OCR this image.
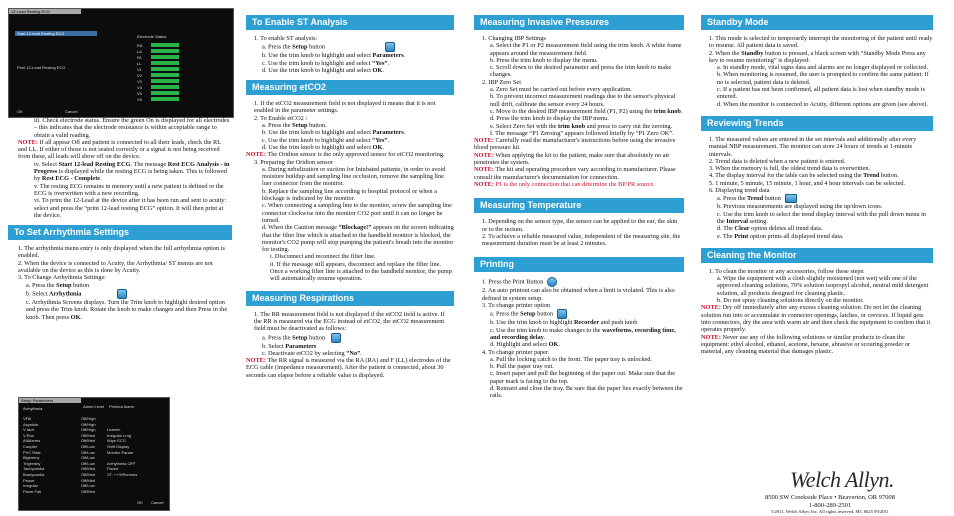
12-Lead Resting ECG
Start 12-lead Resting ECG
Print 12-Lead Resting ECG
Electrode Status
RA
LA
RL
LL
V1
V2
V3
V4
V5
V6
OK	Cancel

iii. Check electrode status. Ensure the green On is displayed for all electrodes – this indicates that the electrode resistance is within acceptable range to obtain a valid reading.

NOTE: If all appear Off and patient is connected to all their leads, check the RL and LL. If either of those is not seated correctly or a signal is not being received from these, all leads will show off on the device.

iv. Select Start 12-lead Resting ECG. The message Rest ECG Analysis - in Progress is displayed while the resting ECG is being taken. This is followed by Rest ECG - Complete.

v. The resting ECG remains in memory until a new patient is defined or the ECG is overwritten with a new recording.

vi. To print the 12-Lead at the device after it has been run and sent to acuity: select and press the “print 12-lead resting ECG” option. It will then print at the device.

To Set Arrhythmia Settings

1. The arrhythmia menu entry is only displayed when the full arrhythmia option is enabled.

2. When the device is connected to Acuity, the Arrhythmia/ ST menus are not available on the device as this is done by Acuity.

3. To Change Arrhythmia Settings:

a. Press the Setup button

b. Select Arrhythmia

c. Arrhythmia Screens displays. Turn the Trim knob to highlight desired option and press the Trim knob. Rotate the knob to make changes and then Press in the knob. Then press OK.

Setup Parameters
Arrhythmia	Alarm Level Printout Alarm
VFib	Off/High
Asystole	Off/High
V-tach	Off/High	Learnin
V-Run	Off/Med	Irregular Lrng
AflAlarms	Off/Med	Wipe ECG
Couplet	Off/Low	Shift Display
PVC Rate	Off/Low	Monitor Param
Bigeminy	Off/Low
Trigeminy	Off/Low	Arrhythmia OFF
Tachycardia	Off/Med	Paced
Bradycardia	Off/Med	ST: ++/VRomnes
Pause	Off/Med
Irregular	Off/Low
Pacer Fail	Off/Med
OK Cancel
To Enable ST Analysis

1. To enable ST analysis:

a. Press the Setup button

b. Use the trim knob to highlight and select Parameters.

c. Use the trim knob to highlight and select “Yes”.

d. Use the trim knob to highlight and select OK.

Measuring etCO2

1. If the etCO2 measurement field is not displayed it means that it is not enabled in the parameter settings.

2. To Enable etCO2 :

a. Press the Setup button.

b. Use the trim knob to highlight and select Parameters.

c. Use the trim knob to highlight and select “Yes”.

d. Use the trim knob to highlight and select OK.

NOTE: The Oridion sensor is the only approved sensor for etCO2 monitoring.

3. Preparing the Oridion sensor

a. During nebulization or suction for Intubated patients, in order to avoid moisture buildup and sampling line occlusion, remove the sampling line luer connector from the monitor.

b. Replace the sampling line according to hospital protocol or when a blockage is indicated by the monitor.

c. When connecting a sampling line to the monitor, screw the sampling line connector clockwise into the monitor CO2 port until it can no longer be turned.

d. When the Caution message “Blockage!” appears on the screen indicating that the filter line which is attached to the handheld monitor is blocked, the monitor's CO2 pump will stop pumping the patient's breath into the monitor for testing.

i. Disconnect and reconnect the filter line.

ii. If the message still appears, disconnect and replace the filter line. Once a working filter line is attached to the handheld monitor, the pump will automatically resume operation.

Measuring Respirations

1. The RR measurement field is not displayed if the etCO2 field is active. If the RR is measured via the ECG instead of etCO2, the etCO2 measurement field must be deactivated as follows:

a. Press the Setup button

b. Select Parameters

c. Deactivate etCO2 by selecting “No”.

NOTE: The RR signal is measured via the RA (RA) and F (LL) electrodes of the ECG cable (impedance measurement). After the patient is connected, about 30 seconds can elapse before a reliable value is displayed.

Measuring Invasive Pressures

1. Changing IBP Settings

a. Select the P1 or P2 measurement field using the trim knob. A white frame appears around the measurement field.

b. Press the trim knob to display the menu.

c. Scroll down to the desired parameter and press the trim knob to make changes.

2. IBP Zero Set

a. Zero Set must be carried out before every application.

b. To prevent incorrect measurement readings due to the sensor's physical null drift, calibrate the sensor every 24 hours.

c. Move to the desired IBP measurement field (P1, P2) using the trim knob.

d. Press the trim knob to display the IBP menu.

e. Select Zero Set with the trim knob and press to carry out the zeroing.

f. The message “P1 Zeroing” appears followed briefly by “P1 Zero OK”.

NOTE: Carefully read the manufacturer's instructions before using the invasive blood pressure kit.

NOTE: When applying the kit to the patient, make sure that absolutely no air penetrates the system.

NOTE: The kit and operating procedure vary according to manufacturer. Please consult the manufacturer's documentation for connection.

NOTE: P1 is the only connection that can determine the BP/PR source.

Measuring Temperature

1. Depending on the sensor type, the sensor can be applied to the ear, the skin or to the rectum.

2. To achieve a reliable measured value, independent of the measuring site, the measurement duration must be at least 2 minutes.

Printing

1. Press the Print Button

2. An auto printout can also be obtained when a limit is violated. This is also defined in system setup.

3. To change printer option

a. Press the Setup button

b. Use the trim knob to highlight Recorder and push knob

c. Use the trim knob to make changes to the waveforms, recording time, and recording delay.

d. Highlight and select OK.

4. To change printer paper.

a. Pull the locking catch to the front. The paper tray is unlocked.

b. Pull the paper tray out.

c. Insert paper and pull the beginning of the paper out. Make sure that the paper mark is facing to the top.

d. Reinsert and close the tray. Be sure that the paper lies exactly between the rails.

Standby Mode

1. This mode is selected to temporarily interrupt the monitoring of the patient until ready to resume. All patient data is saved.

2. When the Standby button is pressed, a black screen with “Standby Mode Press any key to resume monitoring” is displayed:

a. In standby mode, vital signs data and alarms are no longer displayed or collected.

b. When monitoring is resumed, the user is prompted to confirm the same patient: If no is selected, patient data is deleted.

c. If a patient has not been confirmed, all patient data is lost when standby mode is entered.

d. When the monitor is connected to Acuity, different options are given (see above).

Reviewing Trends

1. The measured values are entered in the set intervals and additionally after every manual NBP measurement. The monitor can store 24 hours of trends at 1-minute intervals.

2. Trend data is deleted when a new patient is entered.

3. When the memory is full, the oldest trend data is overwritten.

4. The display interval for the table can be selected using the Trend button.

5. 1 minute, 5 minute, 15 minute, 1 hour, and 4 hour intervals can be selected.

6. Displaying trend data

a. Press the Trend button

b. Previous measurements are displayed using the up/down icons.

c. Use the trim knob to select the trend display interval with the pull down menu in the Interval setting.

d. The Clear option deletes all trend data.

e. The Print option prints all displayed trend data.

Cleaning the Monitor

1. To clean the monitor or any accessories, follow these steps:

a. Wipe the equipment with a cloth slightly moistened (not wet) with one of the approved cleaning solutions, 70% solution isopropyl alcohol, neutral mild detergent solution, all products designed for cleaning plastic.

b. Do not spray cleaning solutions directly on the monitor.

NOTE: Dry off immediately after any excess cleaning solution. Do not let the cleaning solution run into or accumulate in connector openings, latches, or crevices. If liquid gets into connectors, dry the area with warm air and then check the equipment to confirm that it operates properly.

NOTE: Never use any of the following solutions or similar products to clean the equipment: ethyl alcohol, ethanol, acetone, hexane, abrasive or scouring powder or material, any cleaning material that damages plastic.

Welch Allyn.
8500 SW Creekside Place • Beaverton, OR 97008
1-800-289-2501
©2011, Welch Allyn, Inc. All rights reserved. MC 8625 09/2011
